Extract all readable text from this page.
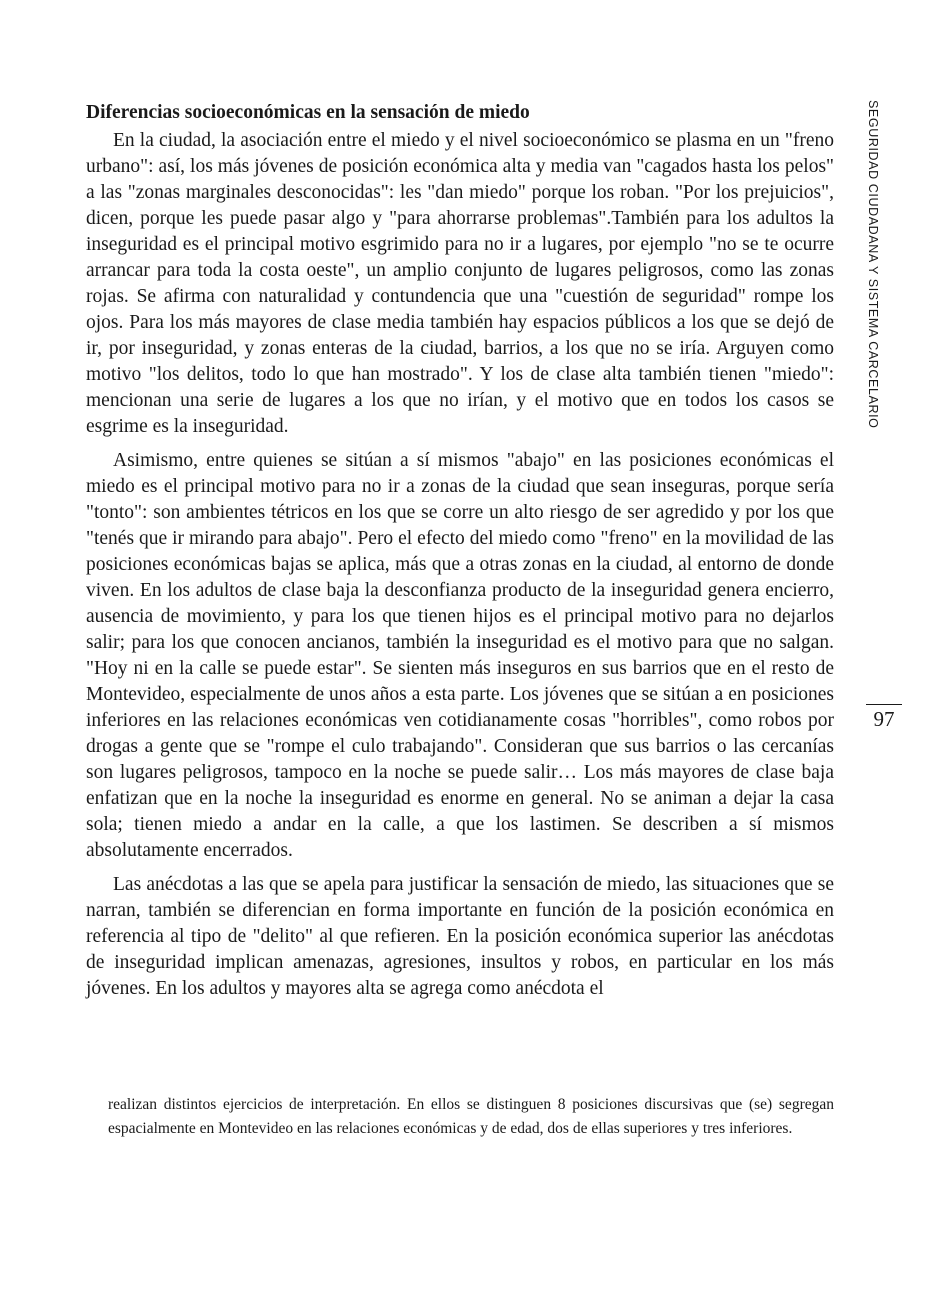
Diferencias socioeconómicas en la sensación de miedo

En la ciudad, la asociación entre el miedo y el nivel socioeconómico se plasma en un "freno urbano": así, los más jóvenes de posición económica alta y media van "cagados hasta los pelos" a las "zonas marginales desconocidas": les "dan miedo" porque los roban. "Por los prejuicios", dicen, porque les puede pasar algo y "para ahorrarse problemas".También para los adultos la inseguridad es el principal motivo esgrimido para no ir a lugares, por ejemplo "no se te ocurre arrancar para toda la costa oeste", un amplio conjunto de lugares peligrosos, como las zonas rojas. Se afirma con naturalidad y contundencia que una "cuestión de seguridad" rompe los ojos. Para los más mayores de clase media también hay espacios públicos a los que se dejó de ir, por inseguridad, y zonas enteras de la ciudad, barrios, a los que no se iría. Arguyen como motivo "los delitos, todo lo que han mostrado". Y los de clase alta también tienen "miedo": mencionan una serie de lugares a los que no irían, y el motivo que en todos los casos se esgrime es la inseguridad.

Asimismo, entre quienes se sitúan a sí mismos "abajo" en las posiciones económicas el miedo es el principal motivo para no ir a zonas de la ciudad que sean inseguras, porque sería "tonto": son ambientes tétricos en los que se corre un alto riesgo de ser agredido y por los que "tenés que ir mirando para abajo". Pero el efecto del miedo como "freno" en la movilidad de las posiciones económicas bajas se aplica, más que a otras zonas en la ciudad, al entorno de donde viven. En los adultos de clase baja la desconfianza producto de la inseguridad genera encierro, ausencia de movimiento, y para los que tienen hijos es el principal motivo para no dejarlos salir; para los que conocen ancianos, también la inseguridad es el motivo para que no salgan. "Hoy ni en la calle se puede estar". Se sienten más inseguros en sus barrios que en el resto de Montevideo, especialmente de unos años a esta parte. Los jóvenes que se sitúan a en posiciones inferiores en las relaciones económicas ven cotidianamente cosas "horribles", como robos por drogas a gente que se "rompe el culo trabajando". Consideran que sus barrios o las cercanías son lugares peligrosos, tampoco en la noche se puede salir… Los más mayores de clase baja enfatizan que en la noche la inseguridad es enorme en general. No se animan a dejar la casa sola; tienen miedo a andar en la calle, a que los lastimen. Se describen a sí mismos absolutamente encerrados.

Las anécdotas a las que se apela para justificar la sensación de miedo, las situaciones que se narran, también se diferencian en forma importante en función de la posición económica en referencia al tipo de "delito" al que refieren. En la posición económica superior las anécdotas de inseguridad implican amenazas, agresiones, insultos y robos, en particular en los más jóvenes. En los adultos y mayores alta se agrega como anécdota el

realizan distintos ejercicios de interpretación. En ellos se distinguen 8 posiciones discursivas que (se) segregan espacialmente en Montevideo en las relaciones económicas y de edad, dos de ellas superiores y tres inferiores.

SEGURIDAD CIUDADANA Y SISTEMA CARCELARIO
97
